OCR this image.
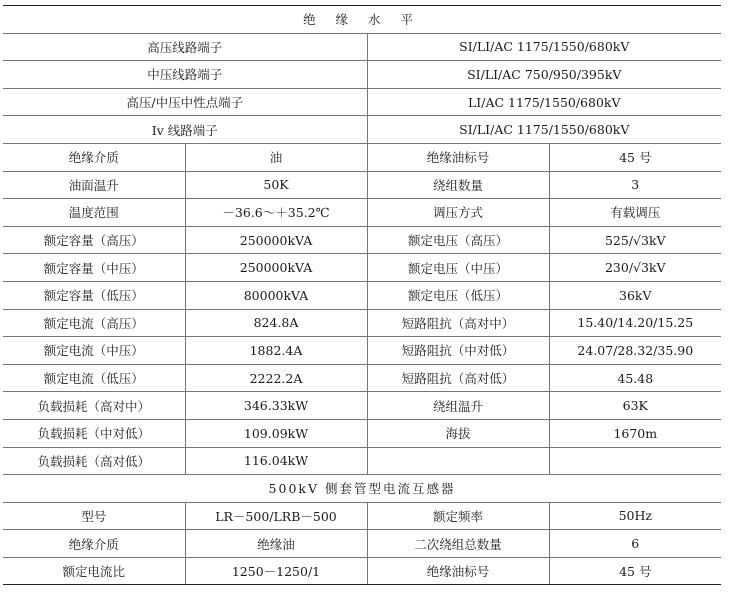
绝 缘 水 平			
高压线路端子		SI/LI/AC 1175/1550/680kV	
中压线路端子		SI/LI/AC 750/950/395kV	
高压/中压中性点端子		LI/AC 1175/1550/680kV	
Iv 线路端子		SI/LI/AC 1175/1550/680kV	
绝缘介质	油	绝缘油标号	45 号
油面温升	50K	绕组数量	3
温度范围	－36.6～＋35.2℃	调压方式	有载调压
额定容量（高压）	250000kVA	额定电压（高压）	525/√3kV
额定容量（中压）	250000kVA	额定电压（中压）	230/√3kV
额定容量（低压）	80000kVA	额定电压（低压）	36kV
额定电流（高压）	824.8A	短路阻抗（高对中）	15.40/14.20/15.25
额定电流（中压）	1882.4A	短路阻抗（中对低）	24.07/28.32/35.90
额定电流（低压）	2222.2A	短路阻抗（高对低）	45.48
负载损耗（高对中）	346.33kW	绕组温升	63K
负载损耗（中对低）	109.09kW	海拔	1670m
负载损耗（高对低）	116.04kW		
500kV 侧套管型电流互感器			
型号	LR－500/LRB－500	额定频率	50Hz
绝缘介质	绝缘油	二次绕组总数量	6
额定电流比	1250－1250/1	绝缘油标号	45 号
